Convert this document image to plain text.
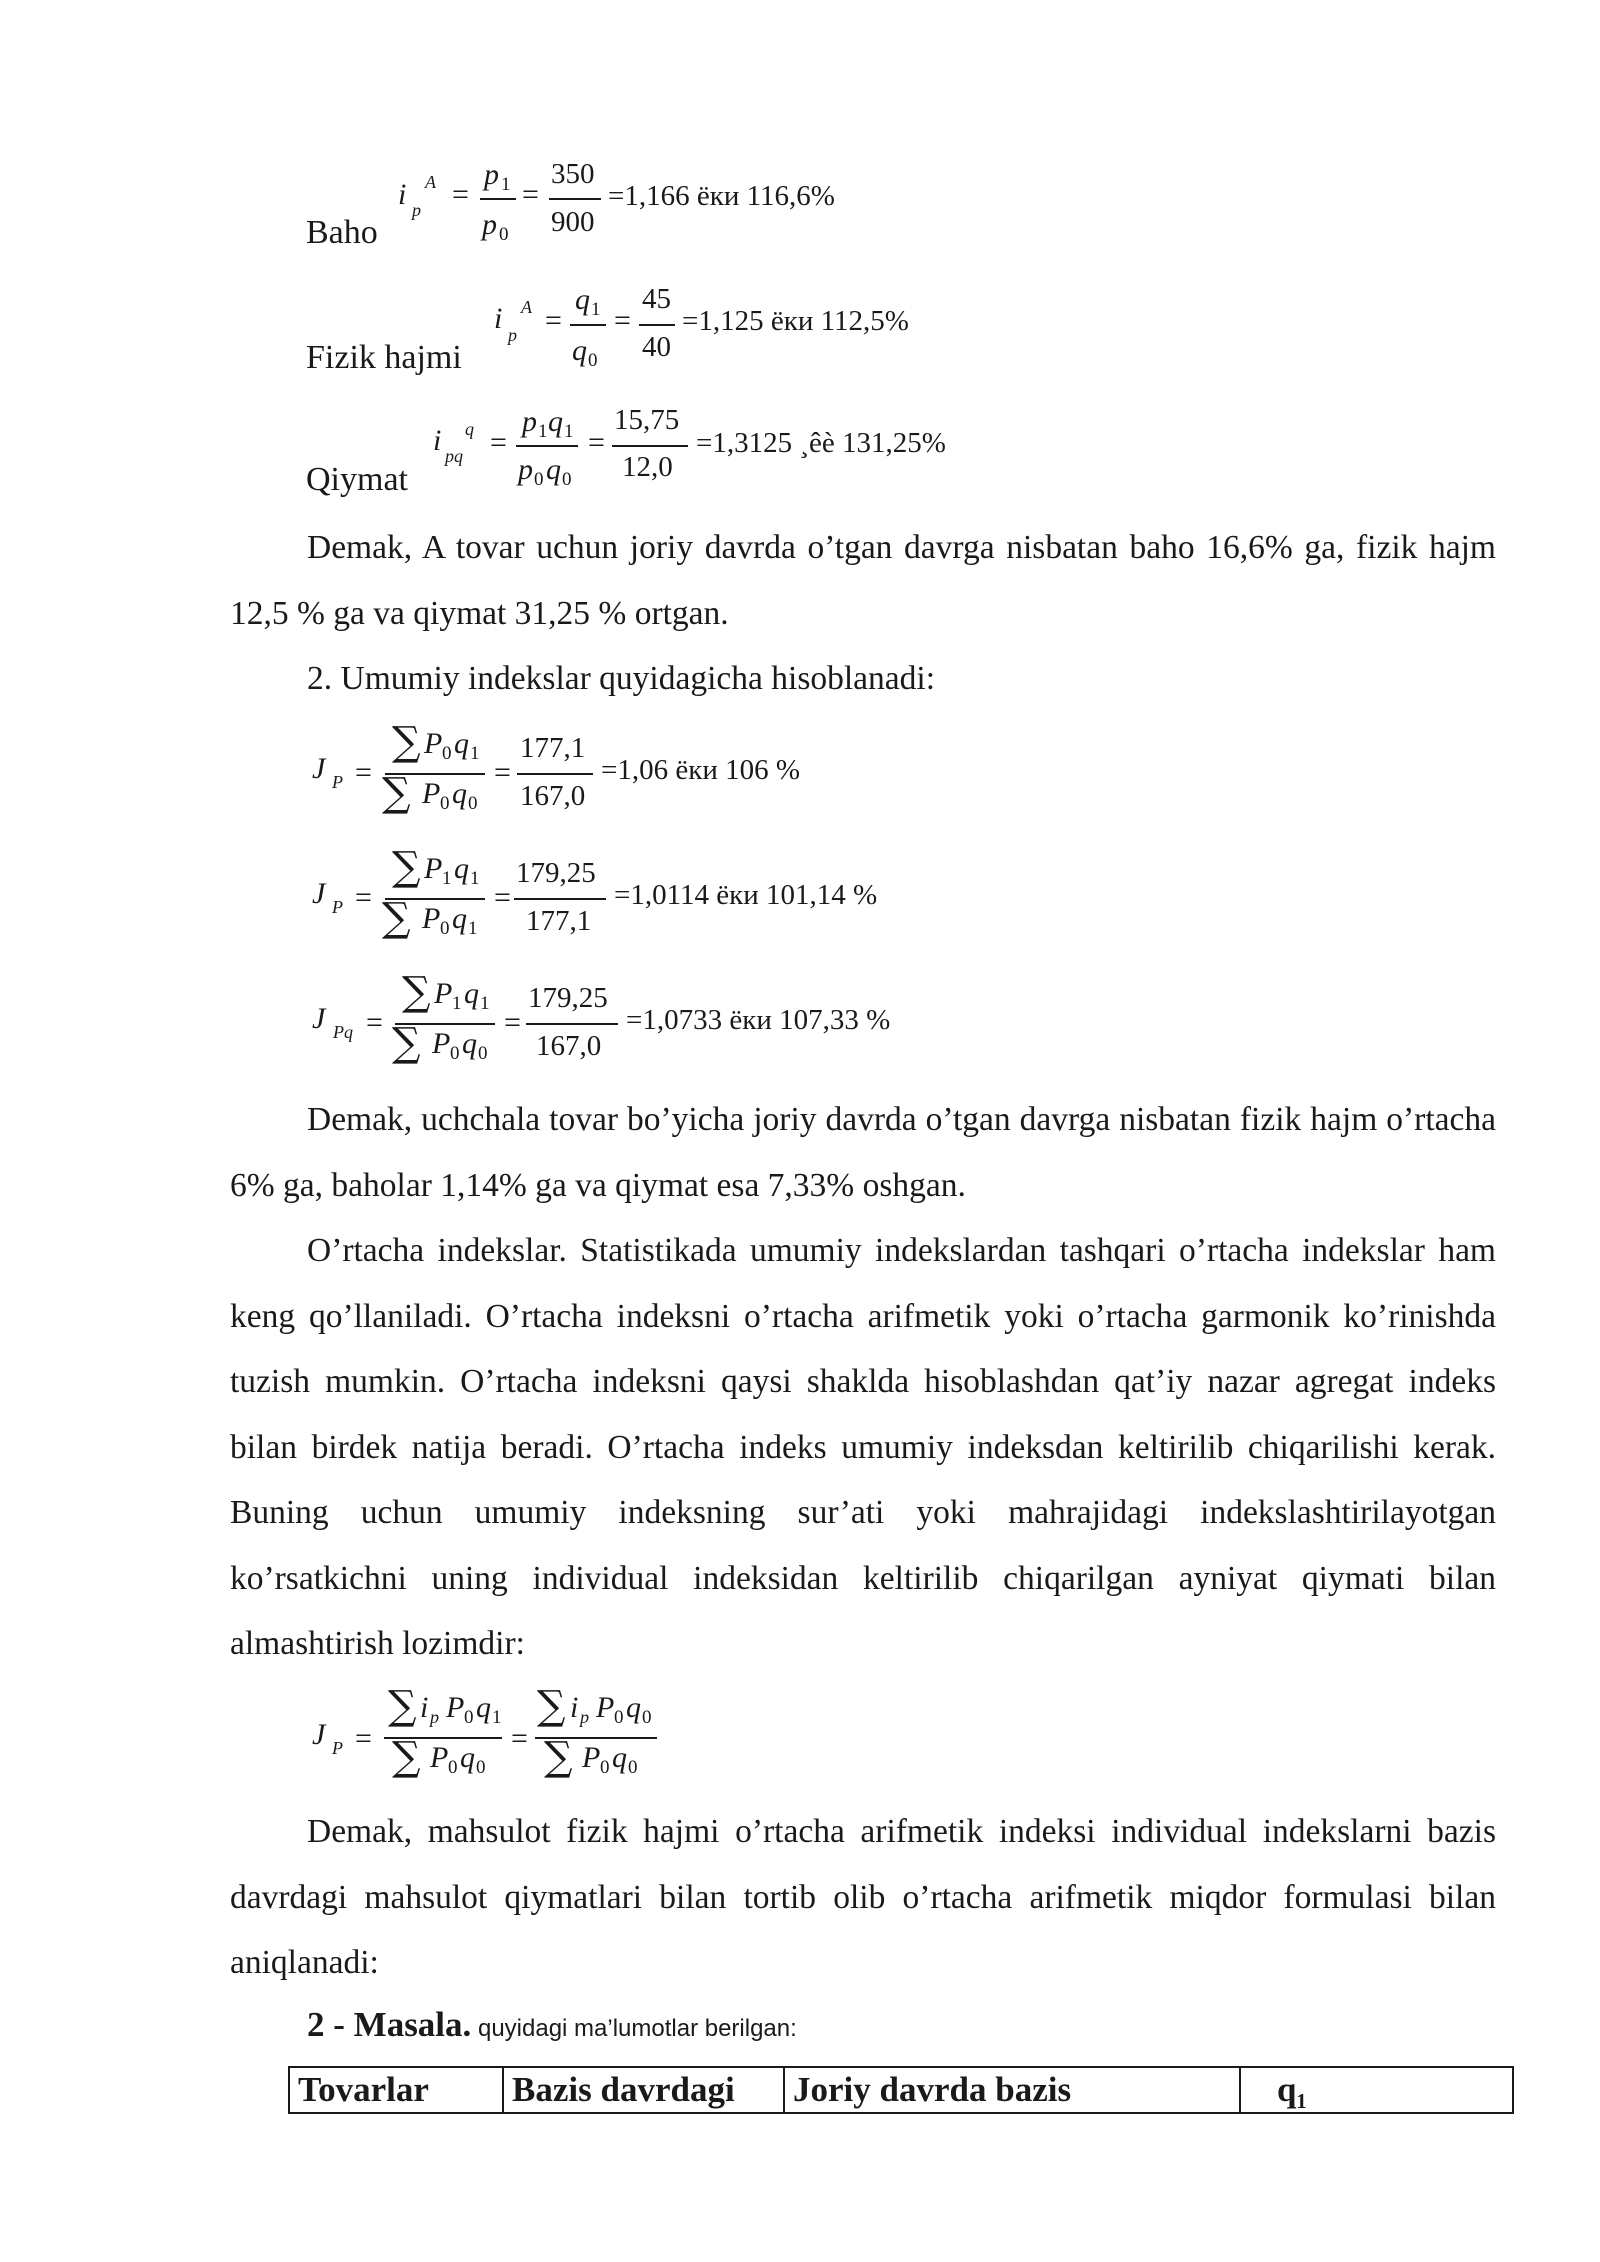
Baho
i A
p =
p 1
p 0
=
350
900
=1,166 ёки 116,6%
Fizik hajmi
i A
p =
q 1
q 0
=
45
40
=1,125 ёки 112,5%
Qiymat
i q
pq =
p 1 q 1
p 0 q 0
=
15,75
12,0
=1,3125 ¸êè 131,25%

Demak, A tovar uchun joriy davrda o’tgan davrga nisbatan baho 16,6% ga, fizik hajm 12,5 % ga va qiymat 31,25 % ortgan.

2. Umumiy indekslar quyidagicha hisoblanadi:

J P =
∑ P 0 q 1
∑ P 0 q 0
=
177,1
167,0
=1,06 ёки 106 %
J P =
∑ P 1 q 1
∑ P 0 q 1
=
179,25
177,1
=1,0114 ёки 101,14 %
J Pq =
∑ P 1 q 1
∑ P 0 q 0
=
179,25
167,0
=1,0733 ёки 107,33 %

Demak, uchchala tovar bo’yicha joriy davrda o’tgan davrga nisbatan fizik hajm o’rtacha 6% ga, baholar 1,14% ga va qiymat esa 7,33% oshgan.

O’rtacha indekslar. Statistikada umumiy indekslardan tashqari o’rtacha indekslar ham keng qo’llaniladi. O’rtacha indeksni o’rtacha arifmetik yoki o’rtacha garmonik ko’rinishda tuzish mumkin. O’rtacha indeksni qaysi shaklda hisoblashdan qat’iy nazar agregat indeks bilan birdek natija beradi. O’rtacha indeks umumiy indeksdan keltirilib chiqarilishi kerak. Buning uchun umumiy indeksning sur’ati yoki mahrajidagi indekslashtirilayotgan ko’rsatkichni uning individual indeksidan keltirilib chiqarilgan ayniyat qiymati bilan almashtirish lozimdir:

J P =
∑ i p P 0 q 1
∑ P 0 q 0
=
∑ i p P 0 q 0
∑ P 0 q 0

Demak, mahsulot fizik hajmi o’rtacha arifmetik indeksi individual indekslarni bazis davrdagi mahsulot qiymatlari bilan tortib olib o’rtacha arifmetik miqdor formulasi bilan aniqlanadi:

2 - Masala. quyidagi ma’lumotlar berilgan:
Tovarlar	Bazis davrdagi	Joriy davrda bazis	q₁
